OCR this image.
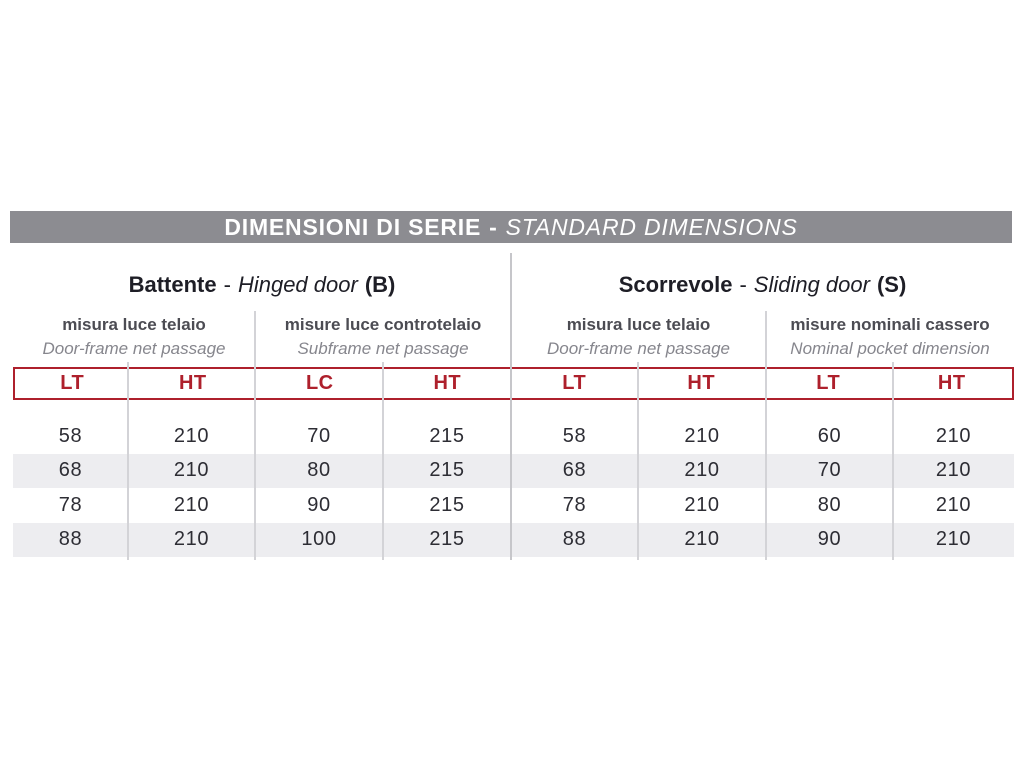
DIMENSIONI DI SERIE - STANDARD DIMENSIONS
Battente - Hinged door (B)	Scorrevole - Sliding door (S)
misura luce telaio
Door-frame net passage
misure luce controtelaio
Subframe net passage
misura luce telaio
Door-frame net passage
misure nominali cassero
Nominal pocket dimension
LT	HT	LC	HT	LT	HT	LT	HT
58	210	70	215	58	210	60	210
68	210	80	215	68	210	70	210
78	210	90	215	78	210	80	210
88	210	100	215	88	210	90	210
